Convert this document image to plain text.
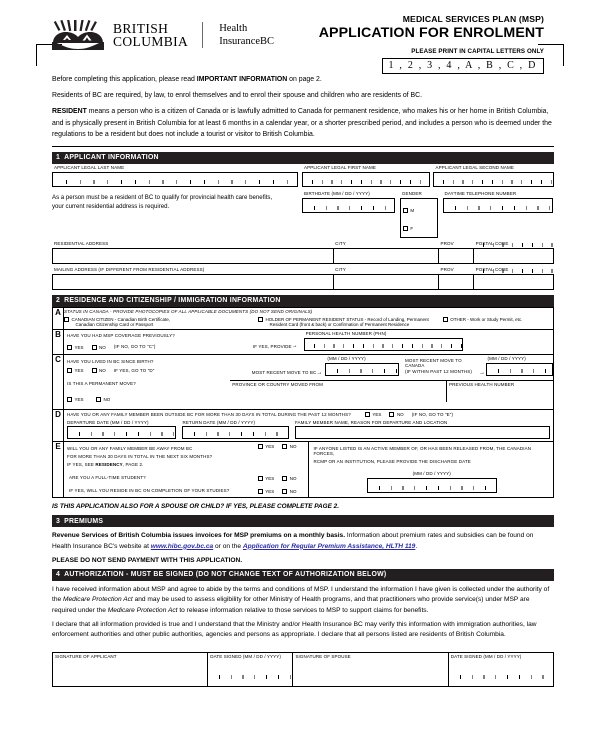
BRITISH
COLUMBIA
Health
InsuranceBC
MEDICAL SERVICES PLAN (MSP)
APPLICATION FOR ENROLMENT
PLEASE PRINT IN CAPITAL LETTERS ONLY
1 , 2 , 3 , 4 , A , B , C , D

Before completing this application, please read IMPORTANT INFORMATION on page 2.

Residents of BC are required, by law, to enrol themselves and to enrol their spouse and children who are residents of BC.

RESIDENT means a person who is a citizen of Canada or is lawfully admitted to Canada for permanent residence, who makes his or her home in British Columbia, and is physically present in British Columbia for at least 6 months in a calendar year, or a shorter prescribed period, and includes a person who is deemed under the regulations to be a resident but does not include a tourist or visitor to British Columbia.

1 APPLICANT INFORMATION
APPLICANT LEGAL LAST NAME	APPLICANT LEGAL FIRST NAME	APPLICANT LEGAL SECOND NAME
As a person must be a resident of BC to qualify for provincial health care benefits,
your current residential address is required.
BIRTHDATE (MM / DD / YYYY)	GENDER
M

F
DAYTIME TELEPHONE NUMBER
RESIDENTIAL ADDRESS	CITY	PROV	POSTAL CODE

MAILING ADDRESS (IF DIFFERENT FROM RESIDENTIAL ADDRESS)	CITY	PROV	POSTAL CODE

2 RESIDENCE AND CITIZENSHIP / IMMIGRATION INFORMATION
A	STATUS IN CANADA - PROVIDE PHOTOCOPIES OF ALL APPLICABLE DOCUMENTS (DO NOT SEND ORIGINALS)
CANADIAN CITIZEN - Canadian Birth Certificate,
Canadian Citizenship Card or Passport
HOLDER OF PERMANENT RESIDENT STATUS - Record of Landing, Permanent
Resident Card (front & back) or Confirmation of Permanent Residence
OTHER - Work or Study Permit, etc.

B	HAVE YOU HAD MSP COVERAGE PREVIOUSLY?
YES	NO (IF NO, GO TO "C")	IF YES, PROVIDE →
PERSONAL HEALTH NUMBER (PHN)

C	HAVE YOU LIVED IN BC SINCE BIRTH?
YES	NO IF YES, GO TO "D"
IS THIS A PERMANENT MOVE?
YES
	NO
MOST RECENT MOVE TO BC→
(MM / DD / YYYY)	MOST RECENT MOVE TO CANADA
(IF WITHIN PAST 12 MONTHS)	→
(MM / DD / YYYY)
PROVINCE OR COUNTRY MOVED FROM	PREVIOUS HEALTH NUMBER

D	HAVE YOU OR ANY FAMILY MEMBER BEEN OUTSIDE BC FOR MORE THAN 30 DAYS IN TOTAL DURING THE PAST 12 MONTHS?	YES	NO (IF NO, GO TO "E")
DEPARTURE DATE (MM / DD / YYYY)	RETURN DATE (MM / DD / YYYY)	FAMILY MEMBER NAME, REASON FOR DEPARTURE AND LOCATION

E	WILL YOU OR ANY FAMILY MEMBER BE AWAY FROM BC
FOR MORE THAN 30 DAYS IN TOTAL IN THE NEXT SIX MONTHS?
YES	NO
IF YES, SEE RESIDENCY, PAGE 2.
ARE YOU A FULL-TIME STUDENT?	YES	NO
IF YES, WILL YOU RESIDE IN BC ON COMPLETION OF YOUR STUDIES?	YES	NO
IF ANYONE LISTED IS AN ACTIVE MEMBER OF, OR HAS BEEN RELEASED FROM, THE CANADIAN FORCES,
RCMP OR AN INSTITUTION, PLEASE PROVIDE THE DISCHARGE DATE
(MM / DD / YYYY)
IS THIS APPLICATION ALSO FOR A SPOUSE OR CHILD? IF YES, PLEASE COMPLETE PAGE 2.
3 PREMIUMS
Revenue Services of British Columbia issues invoices for MSP premiums on a monthly basis. Information about premium rates and subsidies can be found on Health Insurance BC's website at www.hibc.gov.bc.ca or on the Application for Regular Premium Assistance, HLTH 119.
PLEASE DO NOT SEND PAYMENT WITH THIS APPLICATION.
4 AUTHORIZATION - MUST BE SIGNED (DO NOT CHANGE TEXT OF AUTHORIZATION BELOW)
I have received information about MSP and agree to abide by the terms and conditions of MSP. I understand the information I have given is collected under the authority of the Medicare Protection Act and may be used to assess eligibility for other Ministry of Health programs, and that practitioners who provide service(s) under MSP are required under the Medicare Protection Act to release information relative to those services to MSP to support claims for benefits.
I declare that all information provided is true and I understand that the Ministry and/or Health Insurance BC may verify this information with immigration authorities, law enforcement authorities and other public authorities, agencies and persons as appropriate. I declare that all persons listed are residents of British Columbia.
SIGNATURE OF APPLICANT	DATE SIGNED (MM / DD / YYYY)	SIGNATURE OF SPOUSE	DATE SIGNED (MM / DD / YYYY)
